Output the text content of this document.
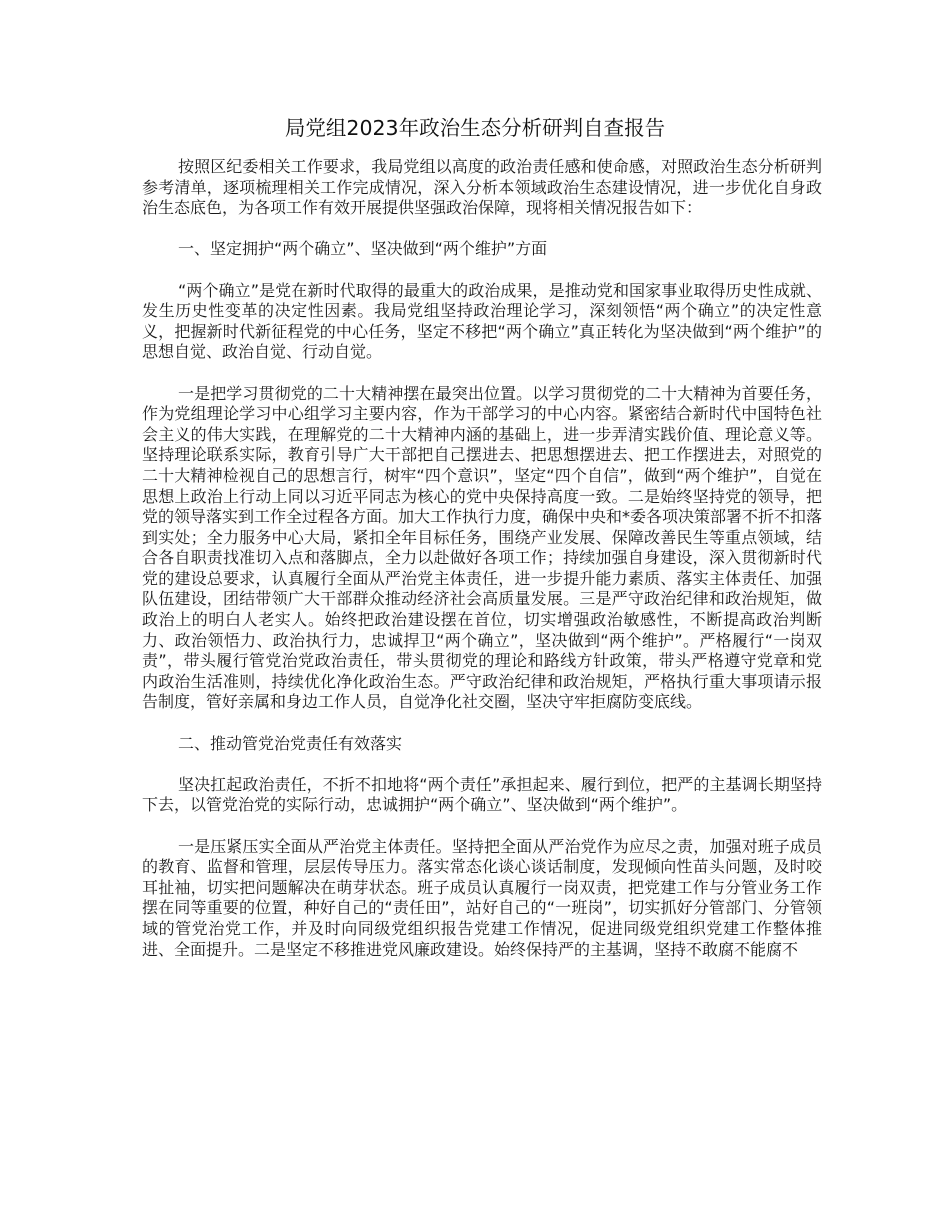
局党组2023年政治生态分析研判自查报告

按照区纪委相关工作要求，我局党组以高度的政治责任感和使命感，对照政治生态分析研判参考清单，逐项梳理相关工作完成情况，深入分析本领域政治生态建设情况，进一步优化自身政治生态底色，为各项工作有效开展提供坚强政治保障，现将相关情况报告如下：

一、坚定拥护“两个确立”、坚决做到“两个维护”方面

“两个确立”是党在新时代取得的最重大的政治成果，是推动党和国家事业取得历史性成就、发生历史性变革的决定性因素。我局党组坚持政治理论学习，深刻领悟“两个确立”的决定性意义，把握新时代新征程党的中心任务，坚定不移把“两个确立”真正转化为坚决做到“两个维护”的思想自觉、政治自觉、行动自觉。

一是把学习贯彻党的二十大精神摆在最突出位置。以学习贯彻党的二十大精神为首要任务，作为党组理论学习中心组学习主要内容，作为干部学习的中心内容。紧密结合新时代中国特色社会主义的伟大实践，在理解党的二十大精神内涵的基础上，进一步弄清实践价值、理论意义等。坚持理论联系实际，教育引导广大干部把自己摆进去、把思想摆进去、把工作摆进去，对照党的二十大精神检视自己的思想言行，树牢“四个意识”，坚定“四个自信”，做到“两个维护”，自觉在思想上政治上行动上同以习近平同志为核心的党中央保持高度一致。二是始终坚持党的领导，把党的领导落实到工作全过程各方面。加大工作执行力度，确保中央和*委各项决策部署不折不扣落到实处；全力服务中心大局，紧扣全年目标任务，围绕产业发展、保障改善民生等重点领域，结合各自职责找准切入点和落脚点，全力以赴做好各项工作；持续加强自身建设，深入贯彻新时代党的建设总要求，认真履行全面从严治党主体责任，进一步提升能力素质、落实主体责任、加强队伍建设，团结带领广大干部群众推动经济社会高质量发展。三是严守政治纪律和政治规矩，做政治上的明白人老实人。始终把政治建设摆在首位，切实增强政治敏感性，不断提高政治判断力、政治领悟力、政治执行力，忠诚捍卫“两个确立”，坚决做到“两个维护”。严格履行“一岗双责”，带头履行管党治党政治责任，带头贯彻党的理论和路线方针政策，带头严格遵守党章和党内政治生活准则，持续优化净化政治生态。严守政治纪律和政治规矩，严格执行重大事项请示报告制度，管好亲属和身边工作人员，自觉净化社交圈，坚决守牢拒腐防变底线。

二、推动管党治党责任有效落实

坚决扛起政治责任，不折不扣地将“两个责任”承担起来、履行到位，把严的主基调长期坚持下去，以管党治党的实际行动，忠诚拥护“两个确立”、坚决做到“两个维护”。

一是压紧压实全面从严治党主体责任。坚持把全面从严治党作为应尽之责，加强对班子成员的教育、监督和管理，层层传导压力。落实常态化谈心谈话制度，发现倾向性苗头问题，及时咬耳扯袖，切实把问题解决在萌芽状态。班子成员认真履行一岗双责，把党建工作与分管业务工作摆在同等重要的位置，种好自己的“责任田”，站好自己的“一班岗”，切实抓好分管部门、分管领域的管党治党工作，并及时向同级党组织报告党建工作情况，促进同级党组织党建工作整体推进、全面提升。二是坚定不移推进党风廉政建设。始终保持严的主基调，坚持不敢腐不能腐不
